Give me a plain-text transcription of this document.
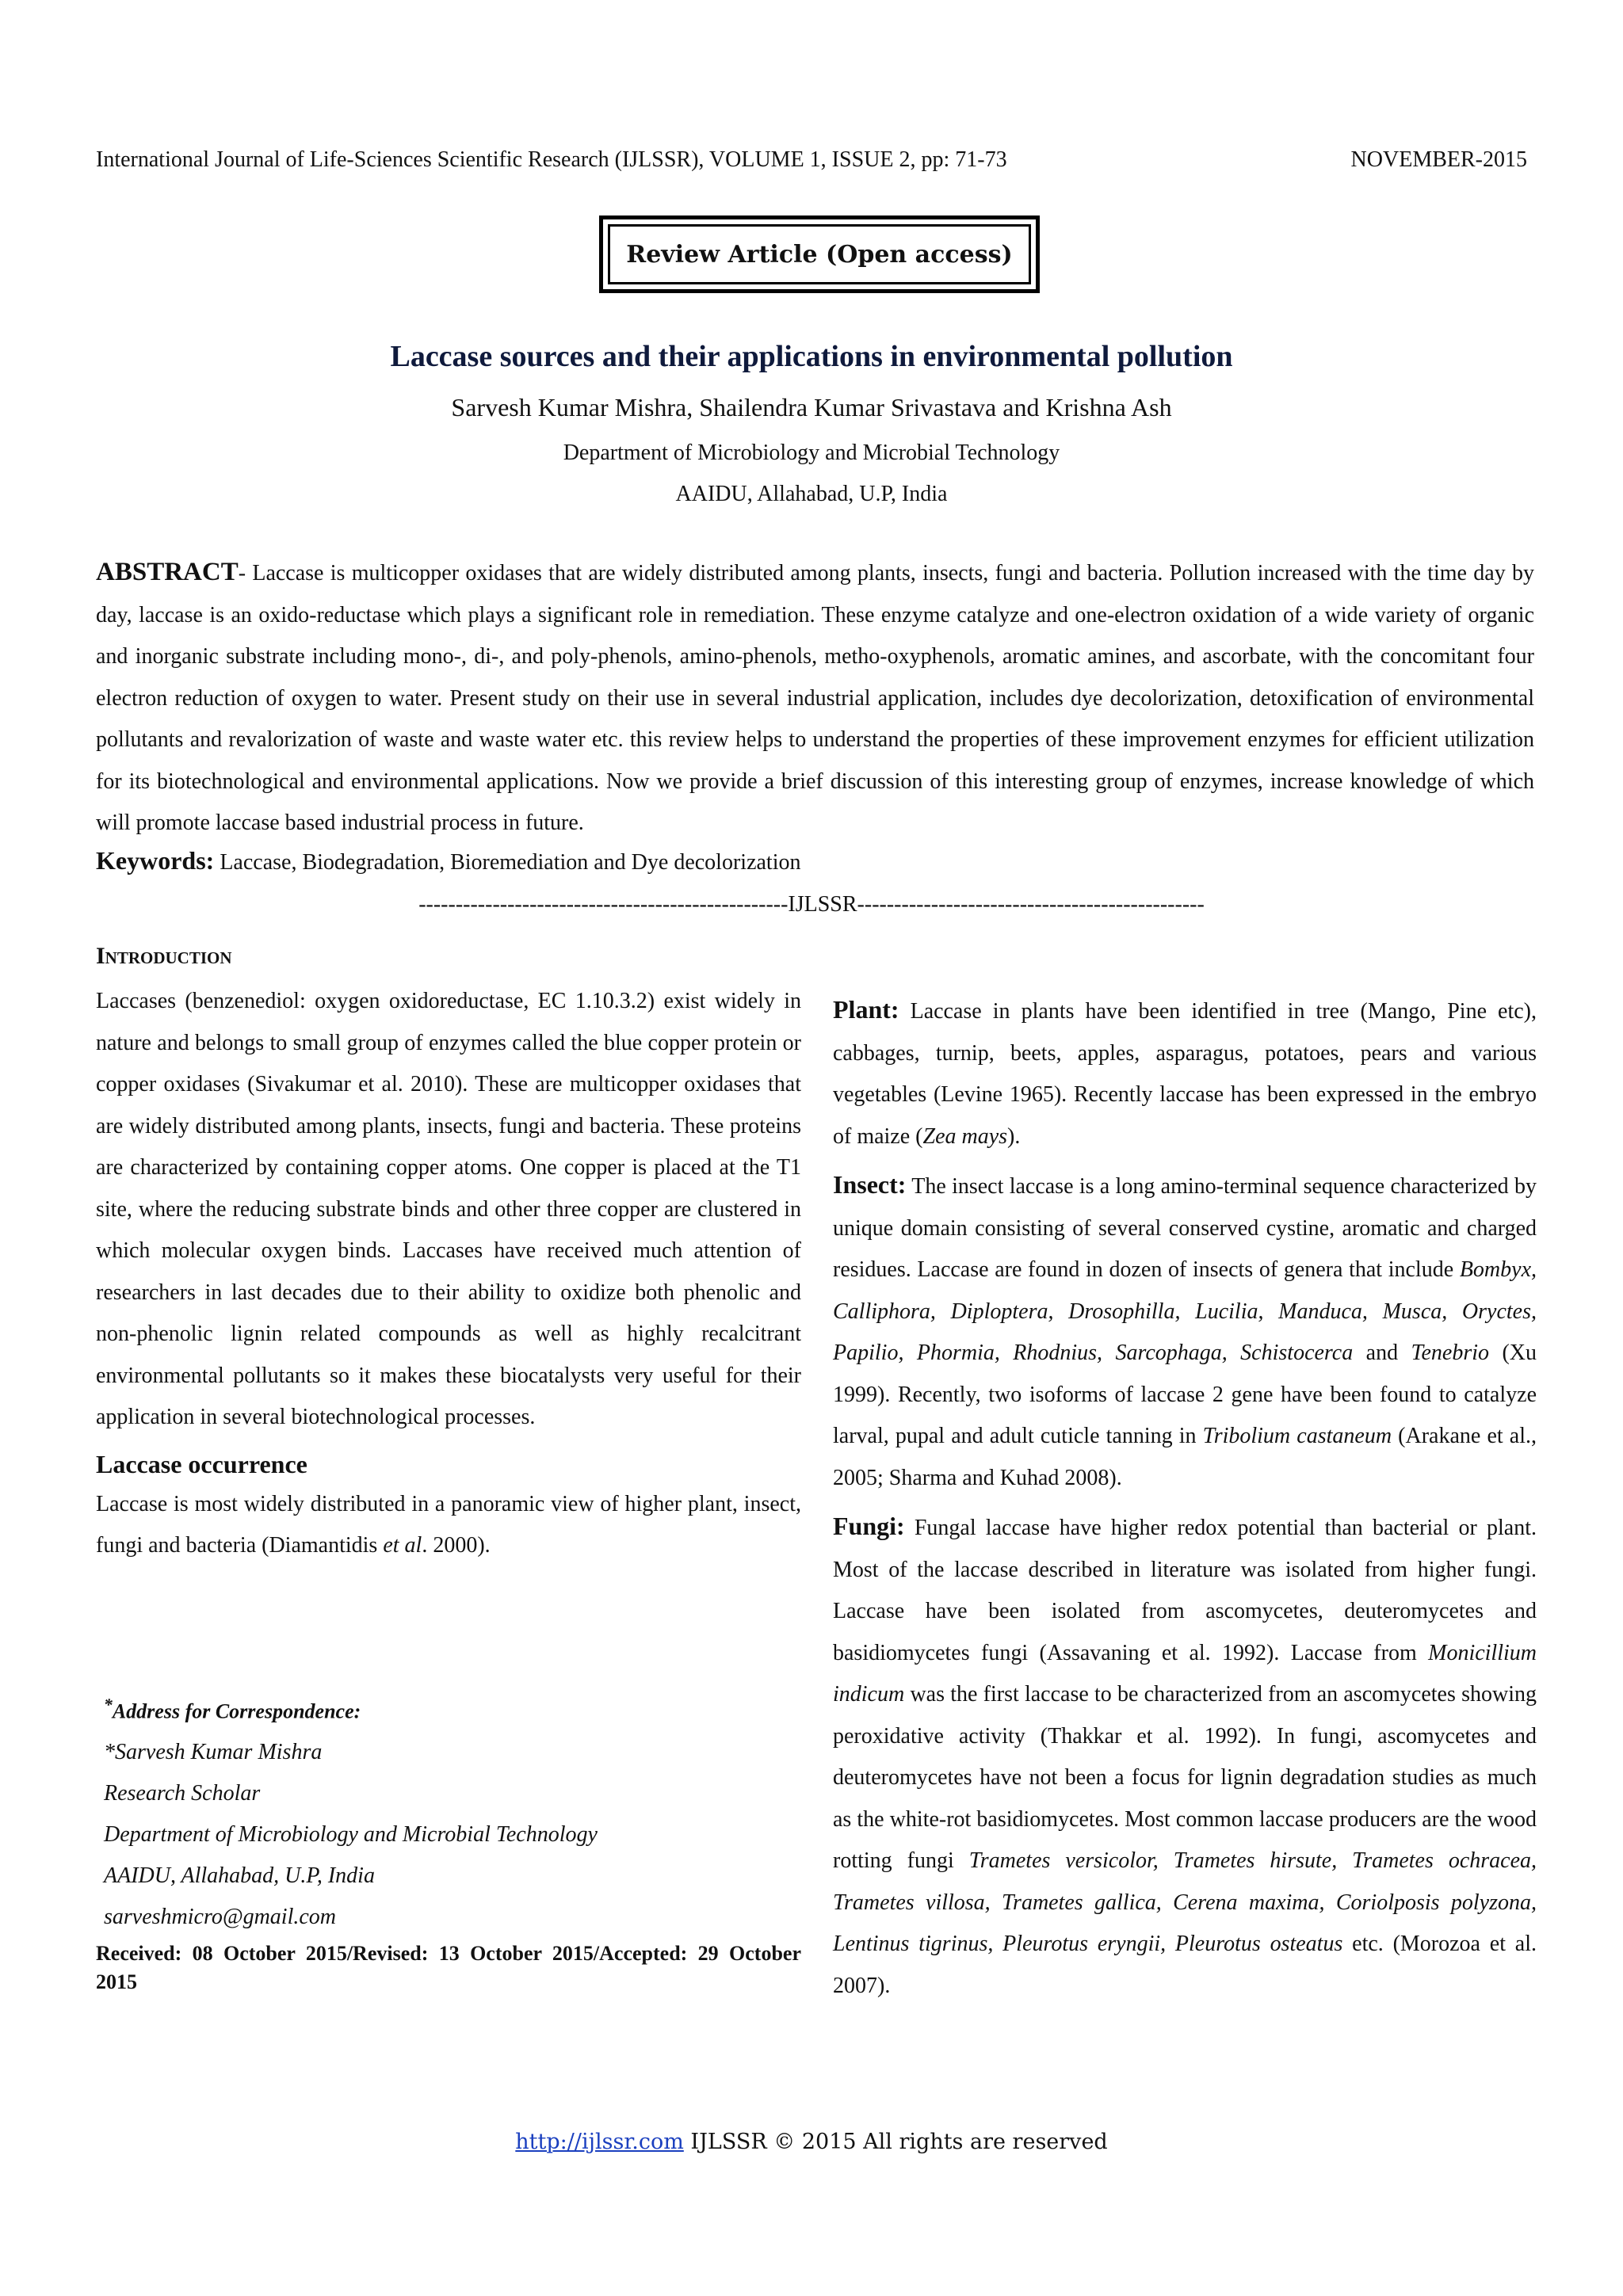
International Journal of Life-Sciences Scientific Research (IJLSSR), VOLUME 1, ISSUE 2, pp: 71-73	NOVEMBER-2015
Review Article (Open access)
Laccase sources and their applications in environmental pollution
Sarvesh Kumar Mishra, Shailendra Kumar Srivastava and Krishna Ash
Department of Microbiology and Microbial Technology
AAIDU, Allahabad, U.P, India

ABSTRACT- Laccase is multicopper oxidases that are widely distributed among plants, insects, fungi and bacteria. Pollution increased with the time day by day, laccase is an oxido-reductase which plays a significant role in remediation. These enzyme catalyze and one-electron oxidation of a wide variety of organic and inorganic substrate including mono-, di-, and poly-phenols, amino-phenols, metho-oxyphenols, aromatic amines, and ascorbate, with the concomitant four electron reduction of oxygen to water. Present study on their use in several industrial application, includes dye decolorization, detoxification of environmental pollutants and revalorization of waste and waste water etc. this review helps to understand the properties of these improvement enzymes for efficient utilization for its biotechnological and environmental applications. Now we provide a brief discussion of this interesting group of enzymes, increase knowledge of which will promote laccase based industrial process in future.

Keywords: Laccase, Biodegradation, Bioremediation and Dye decolorization

--------------------------------------------------IJLSSR-----------------------------------------------
Introduction

Laccases (benzenediol: oxygen oxidoreductase, EC 1.10.3.2) exist widely in nature and belongs to small group of enzymes called the blue copper protein or copper oxidases (Sivakumar et al. 2010). These are multicopper oxidases that are widely distributed among plants, insects, fungi and bacteria. These proteins are characterized by containing copper atoms. One copper is placed at the T1 site, where the reducing substrate binds and other three copper are clustered in which molecular oxygen binds. Laccases have received much attention of researchers in last decades due to their ability to oxidize both phenolic and non-phenolic lignin related compounds as well as highly recalcitrant environmental pollutants so it makes these biocatalysts very useful for their application in several biotechnological processes.

Laccase occurrence

Laccase is most widely distributed in a panoramic view of higher plant, insect, fungi and bacteria (Diamantidis et al. 2000).

*Address for Correspondence:
*Sarvesh Kumar Mishra
Research Scholar
Department of Microbiology and Microbial Technology
AAIDU, Allahabad, U.P, India
sarveshmicro@gmail.com
Received: 08 October 2015/Revised: 13 October 2015/Accepted: 29 October 2015

Plant: Laccase in plants have been identified in tree (Mango, Pine etc), cabbages, turnip, beets, apples, asparagus, potatoes, pears and various vegetables (Levine 1965). Recently laccase has been expressed in the embryo of maize (Zea mays).

Insect: The insect laccase is a long amino-terminal sequence characterized by unique domain consisting of several conserved cystine, aromatic and charged residues. Laccase are found in dozen of insects of genera that include Bombyx, Calliphora, Diploptera, Drosophilla, Lucilia, Manduca, Musca, Oryctes, Papilio, Phormia, Rhodnius, Sarcophaga, Schistocerca and Tenebrio (Xu 1999). Recently, two isoforms of laccase 2 gene have been found to catalyze larval, pupal and adult cuticle tanning in Tribolium castaneum (Arakane et al., 2005; Sharma and Kuhad 2008).

Fungi: Fungal laccase have higher redox potential than bacterial or plant. Most of the laccase described in literature was isolated from higher fungi. Laccase have been isolated from ascomycetes, deuteromycetes and basidiomycetes fungi (Assavaning et al. 1992). Laccase from Monicillium indicum was the first laccase to be characterized from an ascomycetes showing peroxidative activity (Thakkar et al. 1992). In fungi, ascomycetes and deuteromycetes have not been a focus for lignin degradation studies as much as the white-rot basidiomycetes. Most common laccase producers are the wood rotting fungi Trametes versicolor, Trametes hirsute, Trametes ochracea, Trametes villosa, Trametes gallica, Cerena maxima, Coriolposis polyzona, Lentinus tigrinus, Pleurotus eryngii, Pleurotus osteatus etc. (Morozoa et al. 2007).

http://ijlssr.com IJLSSR © 2015 All rights are reserved
